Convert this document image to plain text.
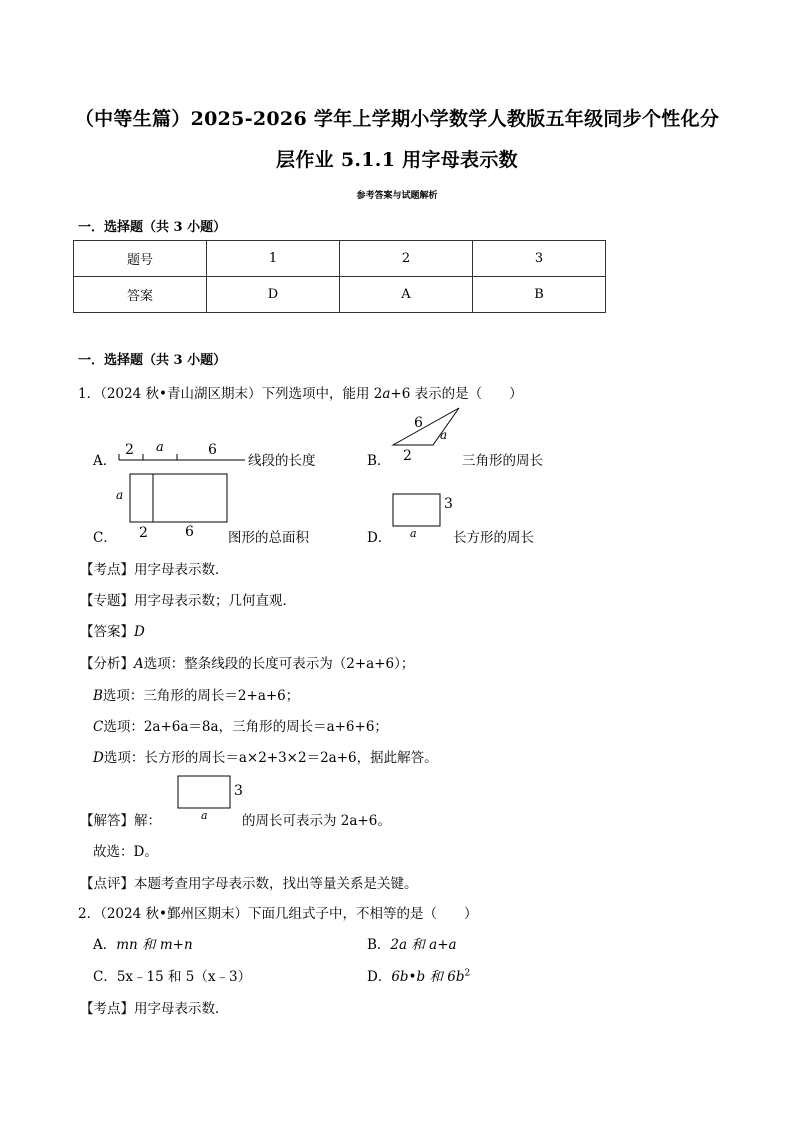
（中等生篇）2025-2026 学年上学期小学数学人教版五年级同步个性化分
层作业 5.1.1 用字母表示数
参考答案与试题解析
一．选择题（共 3 小题）
题号	1	2	3
答案	D	A	B
一．选择题（共 3 小题）
1．（2024 秋•青山湖区期末）下列选项中，能用 2a+6 表示的是（　　）
A．
2 a	6
线段的长度	B．
6
a
2	三角形的周长
C．
a
2	6	图形的总面积	D．
3
a	长方形的周长
【考点】用字母表示数．
【专题】用字母表示数；几何直观．
【答案】D
【分析】A选项：整条线段的长度可表示为（2+a+6）；
B选项：三角形的周长＝2+a+6；
C选项：2a+6a＝8a，三角形的周长＝a+6+6；
D选项：长方形的周长＝a×2+3×2＝2a+6，据此解答。
【解答】解：
3
a	的周长可表示为 2a+6。
故选：D。
【点评】本题考查用字母表示数，找出等量关系是关键。
2．（2024 秋•鄞州区期末）下面几组式子中，不相等的是（　　）
A．mn 和 m+n	B．2a 和 a+a
C．5x﹣15 和 5（x﹣3）	D．6b•b 和 $6b^2$
【考点】用字母表示数．
